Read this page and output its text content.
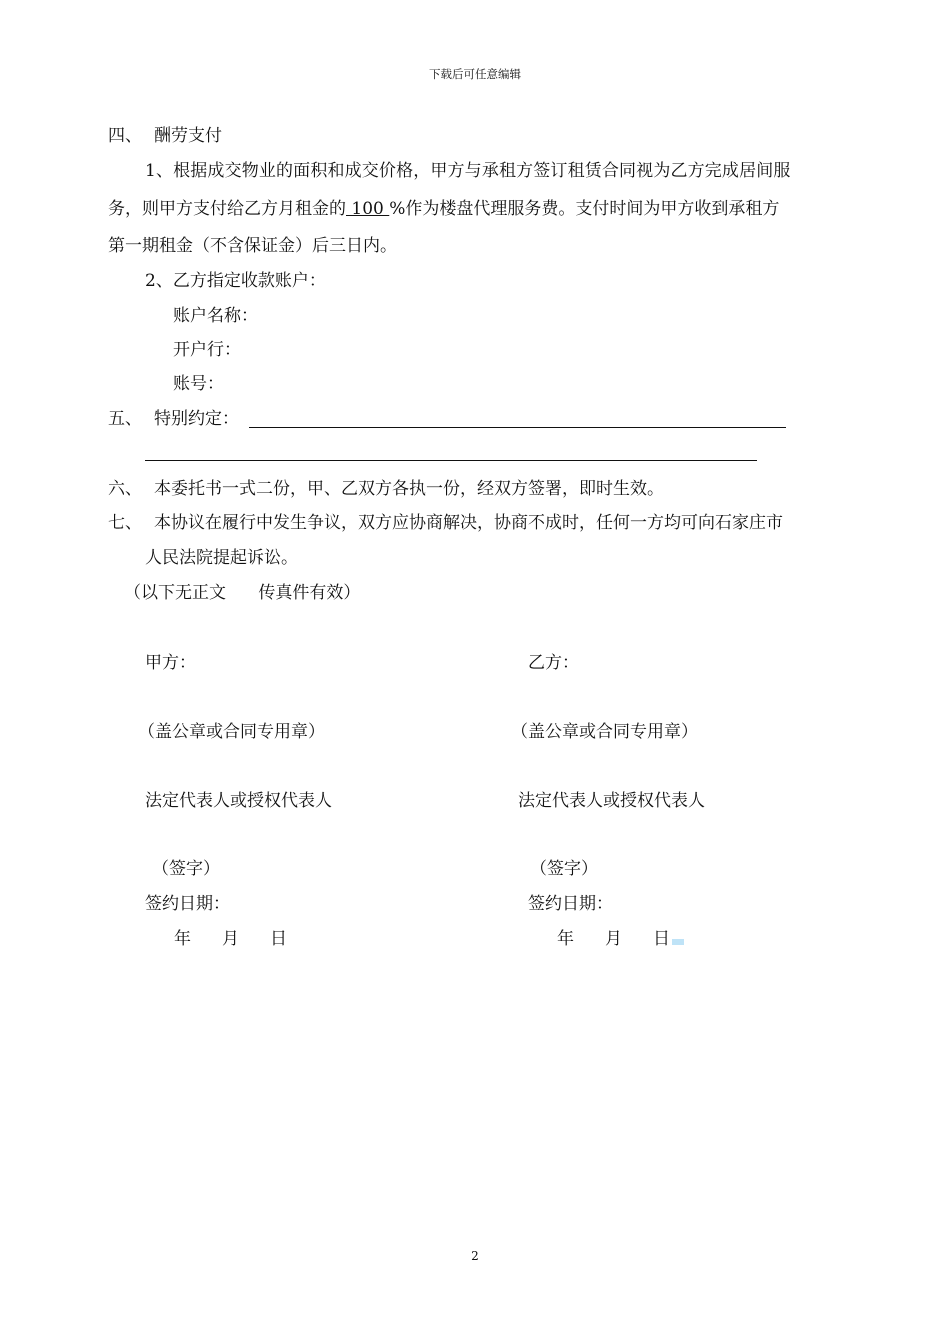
下载后可任意编辑
四、 酬劳支付
1、根据成交物业的面积和成交价格，甲方与承租方签订租赁合同视为乙方完成居间服
务，则甲方支付给乙方月租金的 100 %作为楼盘代理服务费。支付时间为甲方收到承租方
第一期租金（不含保证金）后三日内。
2、乙方指定收款账户：
账户名称：
开户行：
账号：
五、 特别约定：
六、 本委托书一式二份，甲、乙双方各执一份，经双方签署，即时生效。
七、 本协议在履行中发生争议，双方应协商解决，协商不成时，任何一方均可向石家庄市
人民法院提起诉讼。
（以下无正文      传真件有效）
甲方：
（盖公章或合同专用章）
法定代表人或授权代表人
（签字）
签约日期：
年 月 日
乙方：
（盖公章或合同专用章）
法定代表人或授权代表人
（签字）
签约日期：
年 月 日
2
